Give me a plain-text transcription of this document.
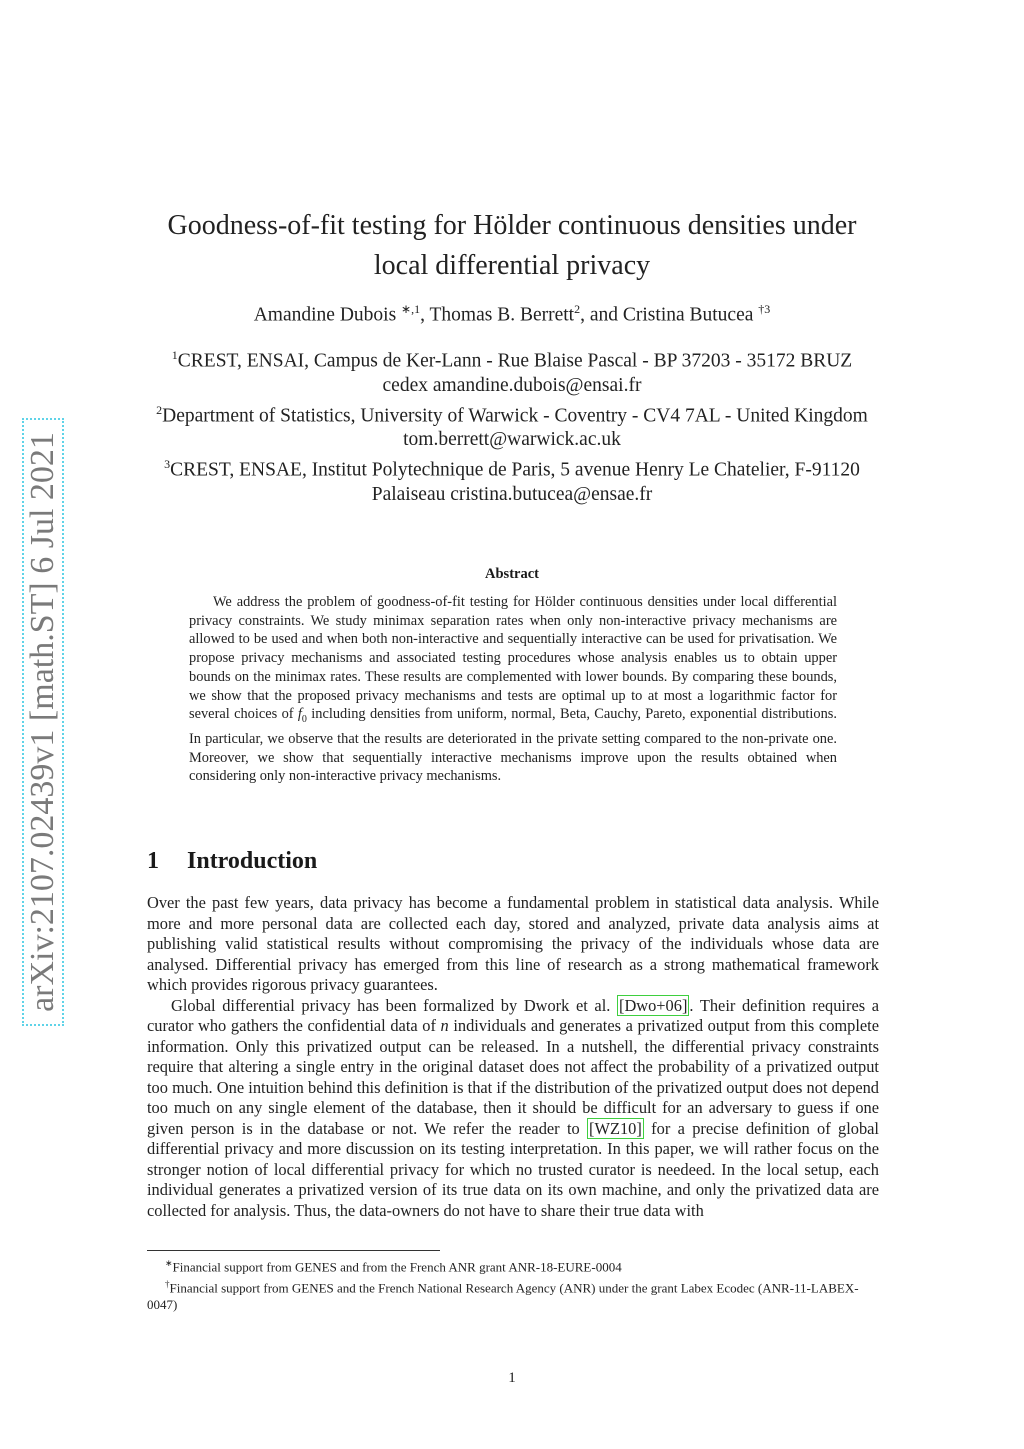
arXiv:2107.02439v1 [math.ST] 6 Jul 2021
Goodness-of-fit testing for Hölder continuous densities under
local differential privacy
Amandine Dubois $^{∗,1}$, Thomas B. Berrett$^2$, and Cristina Butucea $^{\dagger 3}$
$^1$CREST, ENSAI, Campus de Ker-Lann - Rue Blaise Pascal - BP 37203 - 35172 BRUZ cedex amandine.dubois@ensai.fr
$^2$Department of Statistics, University of Warwick - Coventry - CV4 7AL - United Kingdom tom.berrett@warwick.ac.uk
$^3$CREST, ENSAE, Institut Polytechnique de Paris, 5 avenue Henry Le Chatelier, F-91120 Palaiseau cristina.butucea@ensae.fr
Abstract
We address the problem of goodness-of-fit testing for Hölder continuous densities under local differential privacy constraints. We study minimax separation rates when only non-interactive privacy mechanisms are allowed to be used and when both non-interactive and sequentially interactive can be used for privatisation. We propose privacy mechanisms and associated testing procedures whose analysis enables us to obtain upper bounds on the minimax rates. These results are complemented with lower bounds. By comparing these bounds, we show that the proposed privacy mechanisms and tests are optimal up to at most a logarithmic factor for several choices of $f_0$ including densities from uniform, normal, Beta, Cauchy, Pareto, exponential distributions. In particular, we observe that the results are deteriorated in the private setting compared to the non-private one. Moreover, we show that sequentially interactive mechanisms improve upon the results obtained when considering only non-interactive privacy mechanisms.
1 Introduction

Over the past few years, data privacy has become a fundamental problem in statistical data analysis. While more and more personal data are collected each day, stored and analyzed, private data analysis aims at publishing valid statistical results without compromising the privacy of the individuals whose data are analysed. Differential privacy has emerged from this line of research as a strong mathematical framework which provides rigorous privacy guarantees.

Global differential privacy has been formalized by Dwork et al. [Dwo+06] . Their definition requires a curator who gathers the confidential data of n individuals and generates a privatized output from this complete information. Only this privatized output can be released. In a nutshell, the differential privacy constraints require that altering a single entry in the original dataset does not affect the probability of a privatized output too much. One intuition behind this definition is that if the distribution of the privatized output does not depend too much on any single element of the database, then it should be difficult for an adversary to guess if one given person is in the database or not. We refer the reader to [WZ10] for a precise definition of global differential privacy and more discussion on its testing interpretation. In this paper, we will rather focus on the stronger notion of local differential privacy for which no trusted curator is needeed. In the local setup, each individual generates a privatized version of its true data on its own machine, and only the privatized data are collected for analysis. Thus, the data-owners do not have to share their true data with

∗Financial support from GENES and from the French ANR grant ANR-18-EURE-0004

†Financial support from GENES and the French National Research Agency (ANR) under the grant Labex Ecodec (ANR-11-LABEX-0047)

1
